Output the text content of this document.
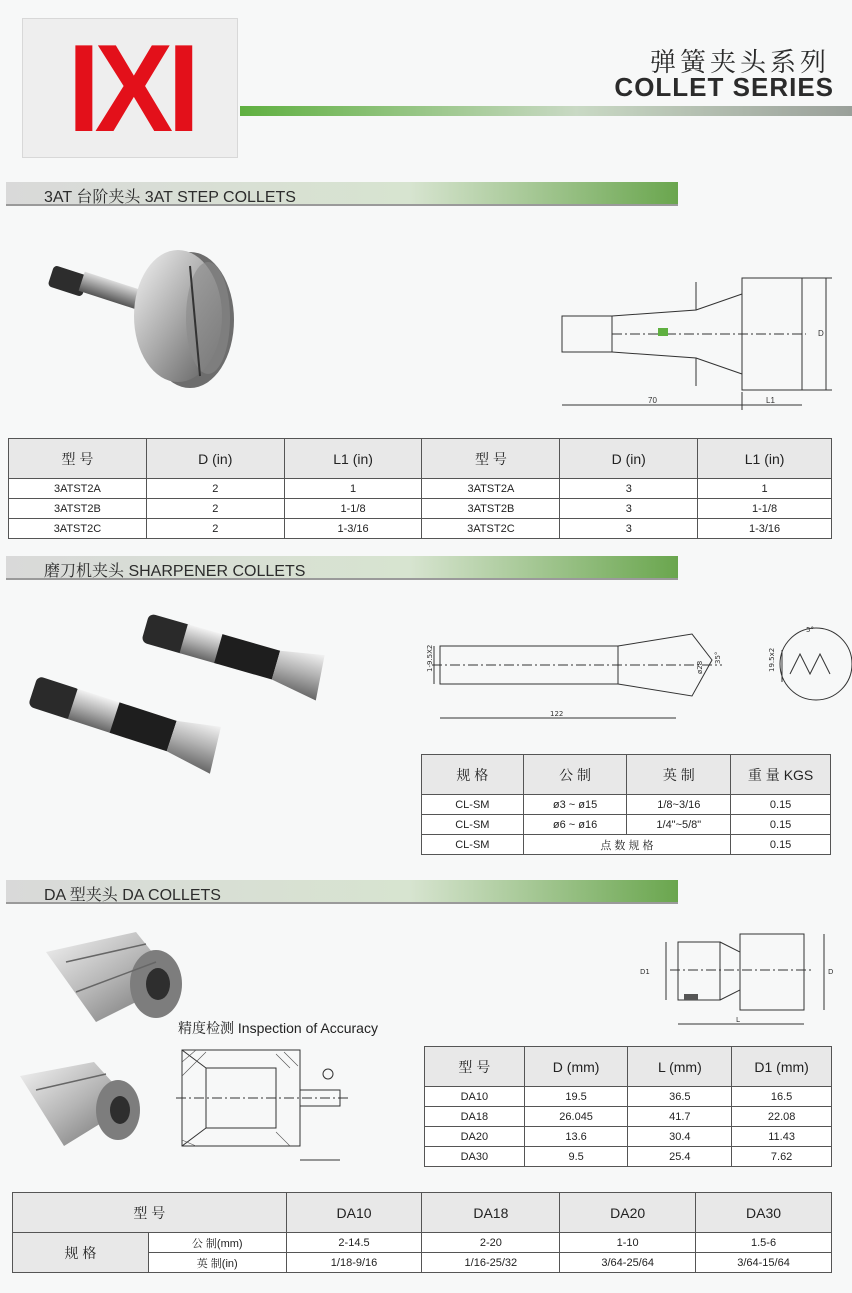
IXI	弹簧夹头系列
COLLET SERIES
3AT 台阶夹头 3AT STEP COLLETS
70	L1
D
型 号	D (in)	L1 (in)	型 号	D (in)	L1 (in)
3ATST2A	2	1	3ATST2A	3	1
3ATST2B	2	1-1/8	3ATST2B	3	1-1/8
3ATST2C	2	1-3/16	3ATST2C	3	1-3/16
磨刀机夹头 SHARPENER COLLETS
1-9.5X2
122
ø28
35°	19.5x2
5°
规 格	公 制	英 制	重 量 KGS
CL-SM	ø3 ~ ø15	1/8~3/16	0.15
CL-SM	ø6 ~ ø16	1/4"~5/8"	0.15
CL-SM	点 数 规 格		0.15
DA 型夹头 DA COLLETS
精度检测 Inspection of Accuracy
D1
L
D
型 号	D (mm)	L (mm)	D1 (mm)
DA10	19.5	36.5	16.5
DA18	26.045	41.7	22.08
DA20	13.6	30.4	11.43
DA30	9.5	25.4	7.62
型 号		DA10	DA18	DA20	DA30
规 格	公 制(mm)	2-14.5	2-20	1-10	1.5-6
	英 制(in)	1/18-9/16	1/16-25/32	3/64-25/64	3/64-15/64
